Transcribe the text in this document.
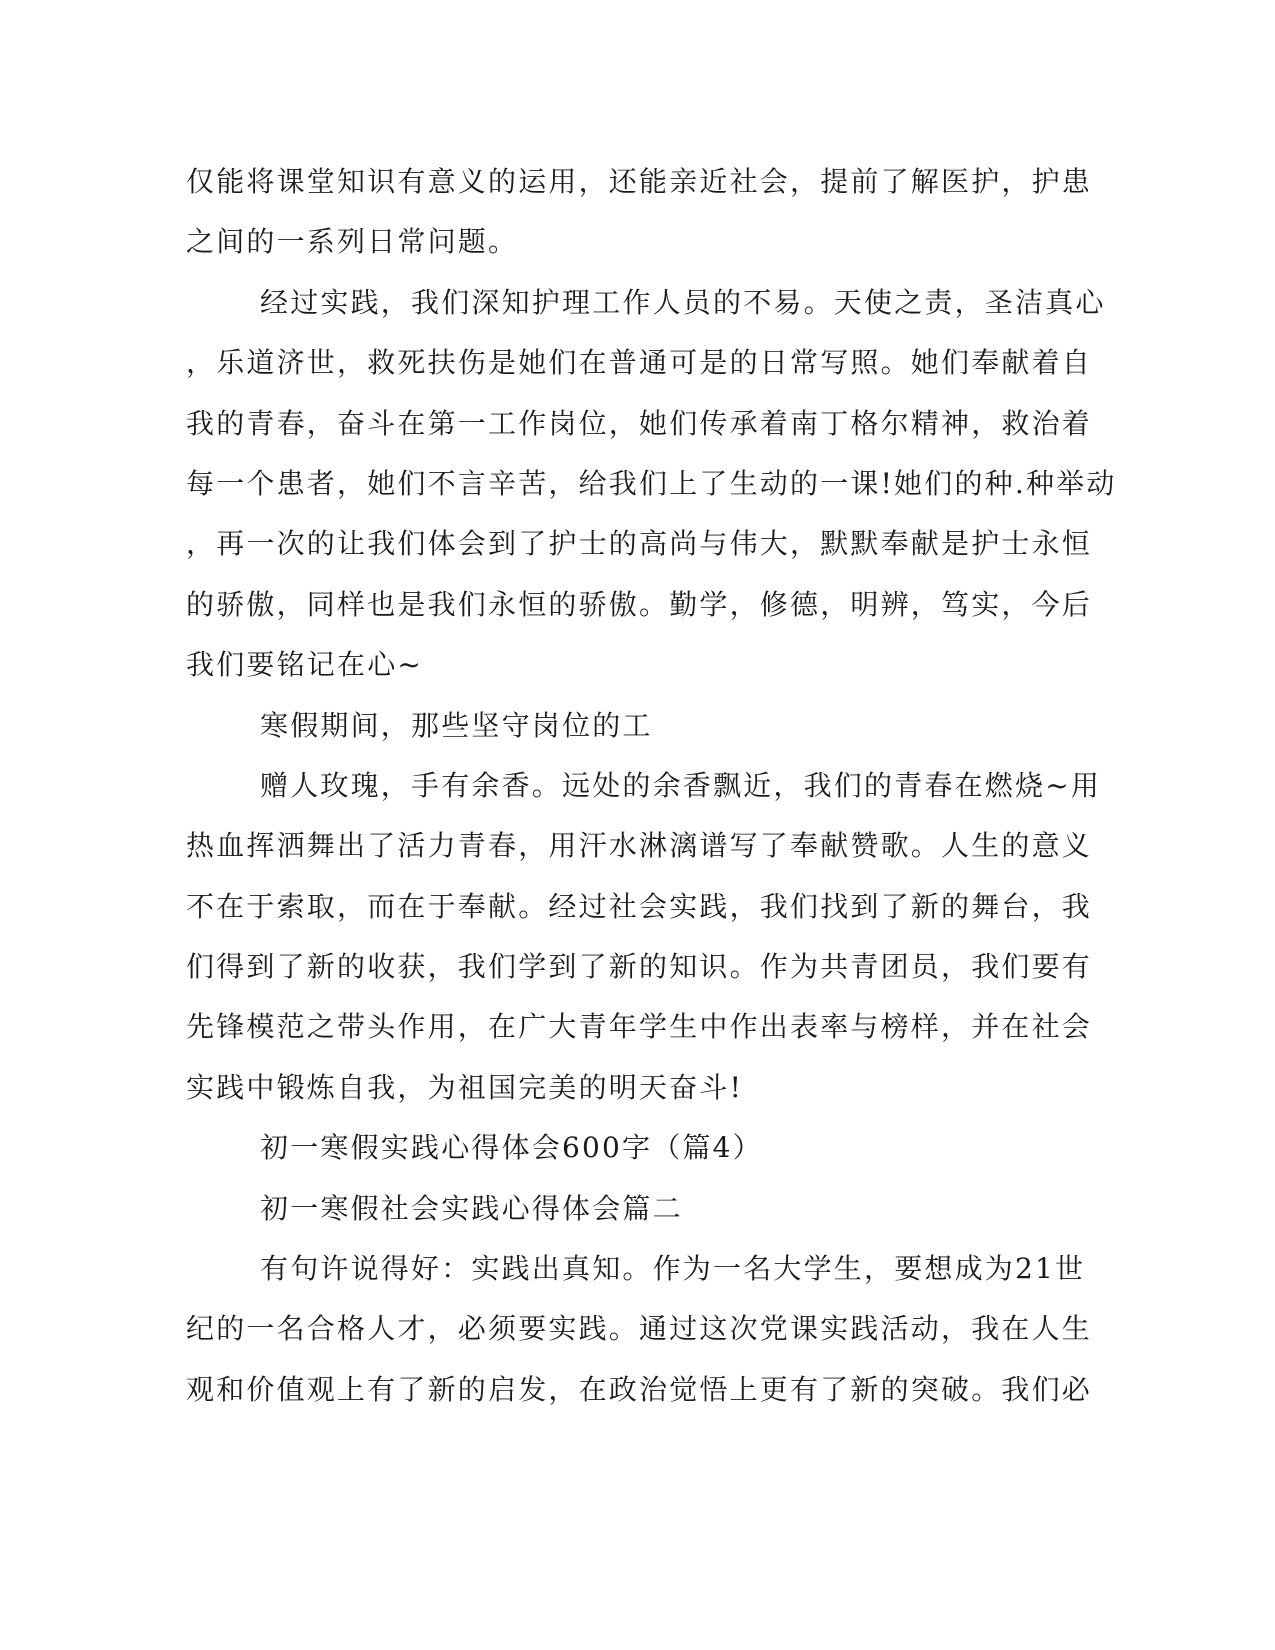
仅能将课堂知识有意义的运用，还能亲近社会，提前了解医护，护患
之间的一系列日常问题。
经过实践，我们深知护理工作人员的不易。天使之责，圣洁真心
，乐道济世，救死扶伤是她们在普通可是的日常写照。她们奉献着自
我的青春，奋斗在第一工作岗位，她们传承着南丁格尔精神，救治着
每一个患者，她们不言辛苦，给我们上了生动的一课!她们的种.种举动
，再一次的让我们体会到了护士的高尚与伟大，默默奉献是护士永恒
的骄傲，同样也是我们永恒的骄傲。勤学，修德，明辨，笃实，今后
我们要铭记在心~
寒假期间，那些坚守岗位的工
赠人玫瑰，手有余香。远处的余香飘近，我们的青春在燃烧~用
热血挥洒舞出了活力青春，用汗水淋漓谱写了奉献赞歌。人生的意义
不在于索取，而在于奉献。经过社会实践，我们找到了新的舞台，我
们得到了新的收获，我们学到了新的知识。作为共青团员，我们要有
先锋模范之带头作用，在广大青年学生中作出表率与榜样，并在社会
实践中锻炼自我，为祖国完美的明天奋斗!
初一寒假实践心得体会600字（篇4）
初一寒假社会实践心得体会篇二
有句许说得好：实践出真知。作为一名大学生，要想成为21世
纪的一名合格人才，必须要实践。通过这次党课实践活动，我在人生
观和价值观上有了新的启发，在政治觉悟上更有了新的突破。我们必
